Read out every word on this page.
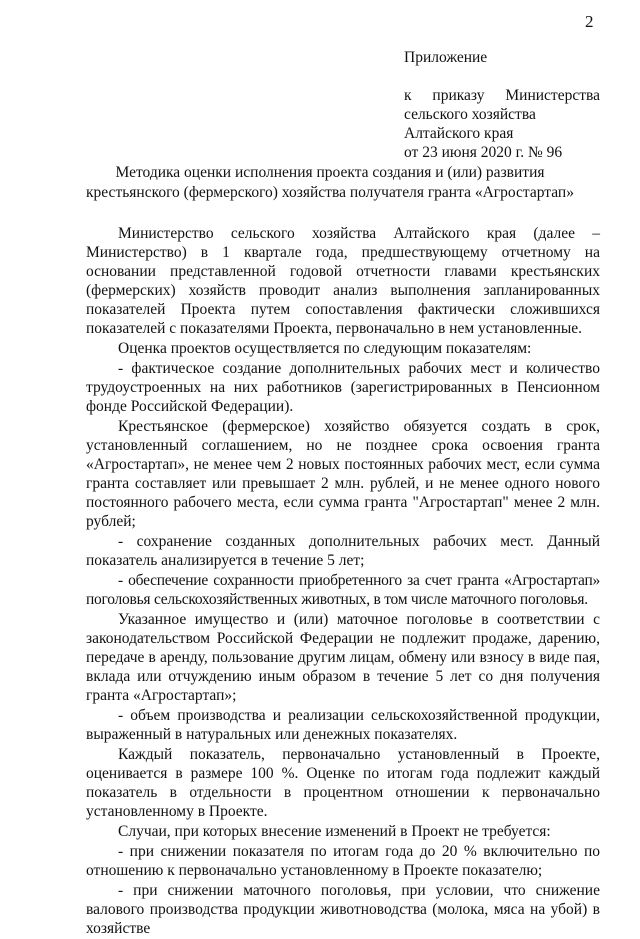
2
Приложение
к приказу Министерства
сельского хозяйства
Алтайского края
от 23 июня 2020 г. № 96
Методика оценки исполнения проекта создания и (или) развития
крестьянского (фермерского) хозяйства получателя гранта «Агростартап»

Министерство сельского хозяйства Алтайского края (далее – Министерство) в 1 квартале года, предшествующему отчетному на основании представленной годовой отчетности главами крестьянских (фермерских) хозяйств проводит анализ выполнения запланированных показателей Проекта путем сопоставления фактически сложившихся показателей с показателями Проекта, первоначально в нем установленные.

Оценка проектов осуществляется по следующим показателям:

- фактическое создание дополнительных рабочих мест и количество трудоустроенных на них работников (зарегистрированных в Пенсионном фонде Российской Федерации).

Крестьянское (фермерское) хозяйство обязуется создать в срок, установленный соглашением, но не позднее срока освоения гранта «Агростартап», не менее чем 2 новых постоянных рабочих мест, если сумма гранта составляет или превышает 2 млн. рублей, и не менее одного нового постоянного рабочего места, если сумма гранта "Агростартап" менее 2 млн. рублей;

- сохранение созданных дополнительных рабочих мест. Данный показатель анализируется в течение 5 лет;

- обеспечение сохранности приобретенного за счет гранта «Агростартап» поголовья сельскохозяйственных животных, в том числе маточного поголовья.

Указанное имущество и (или) маточное поголовье в соответствии с законодательством Российской Федерации не подлежит продаже, дарению, передаче в аренду, пользование другим лицам, обмену или взносу в виде пая, вклада или отчуждению иным образом в течение 5 лет со дня получения гранта «Агростартап»;

- объем производства и реализации сельскохозяйственной продукции, выраженный в натуральных или денежных показателях.

Каждый показатель, первоначально установленный в Проекте, оценивается в размере 100 %. Оценке по итогам года подлежит каждый показатель в отдельности в процентном отношении к первоначально установленному в Проекте.

Случаи, при которых внесение изменений в Проект не требуется:

- при снижении показателя по итогам года до 20 % включительно по отношению к первоначально установленному в Проекте показателю;

- при снижении маточного поголовья, при условии, что снижение валового производства продукции животноводства (молока, мяса на убой) в хозяйстве
